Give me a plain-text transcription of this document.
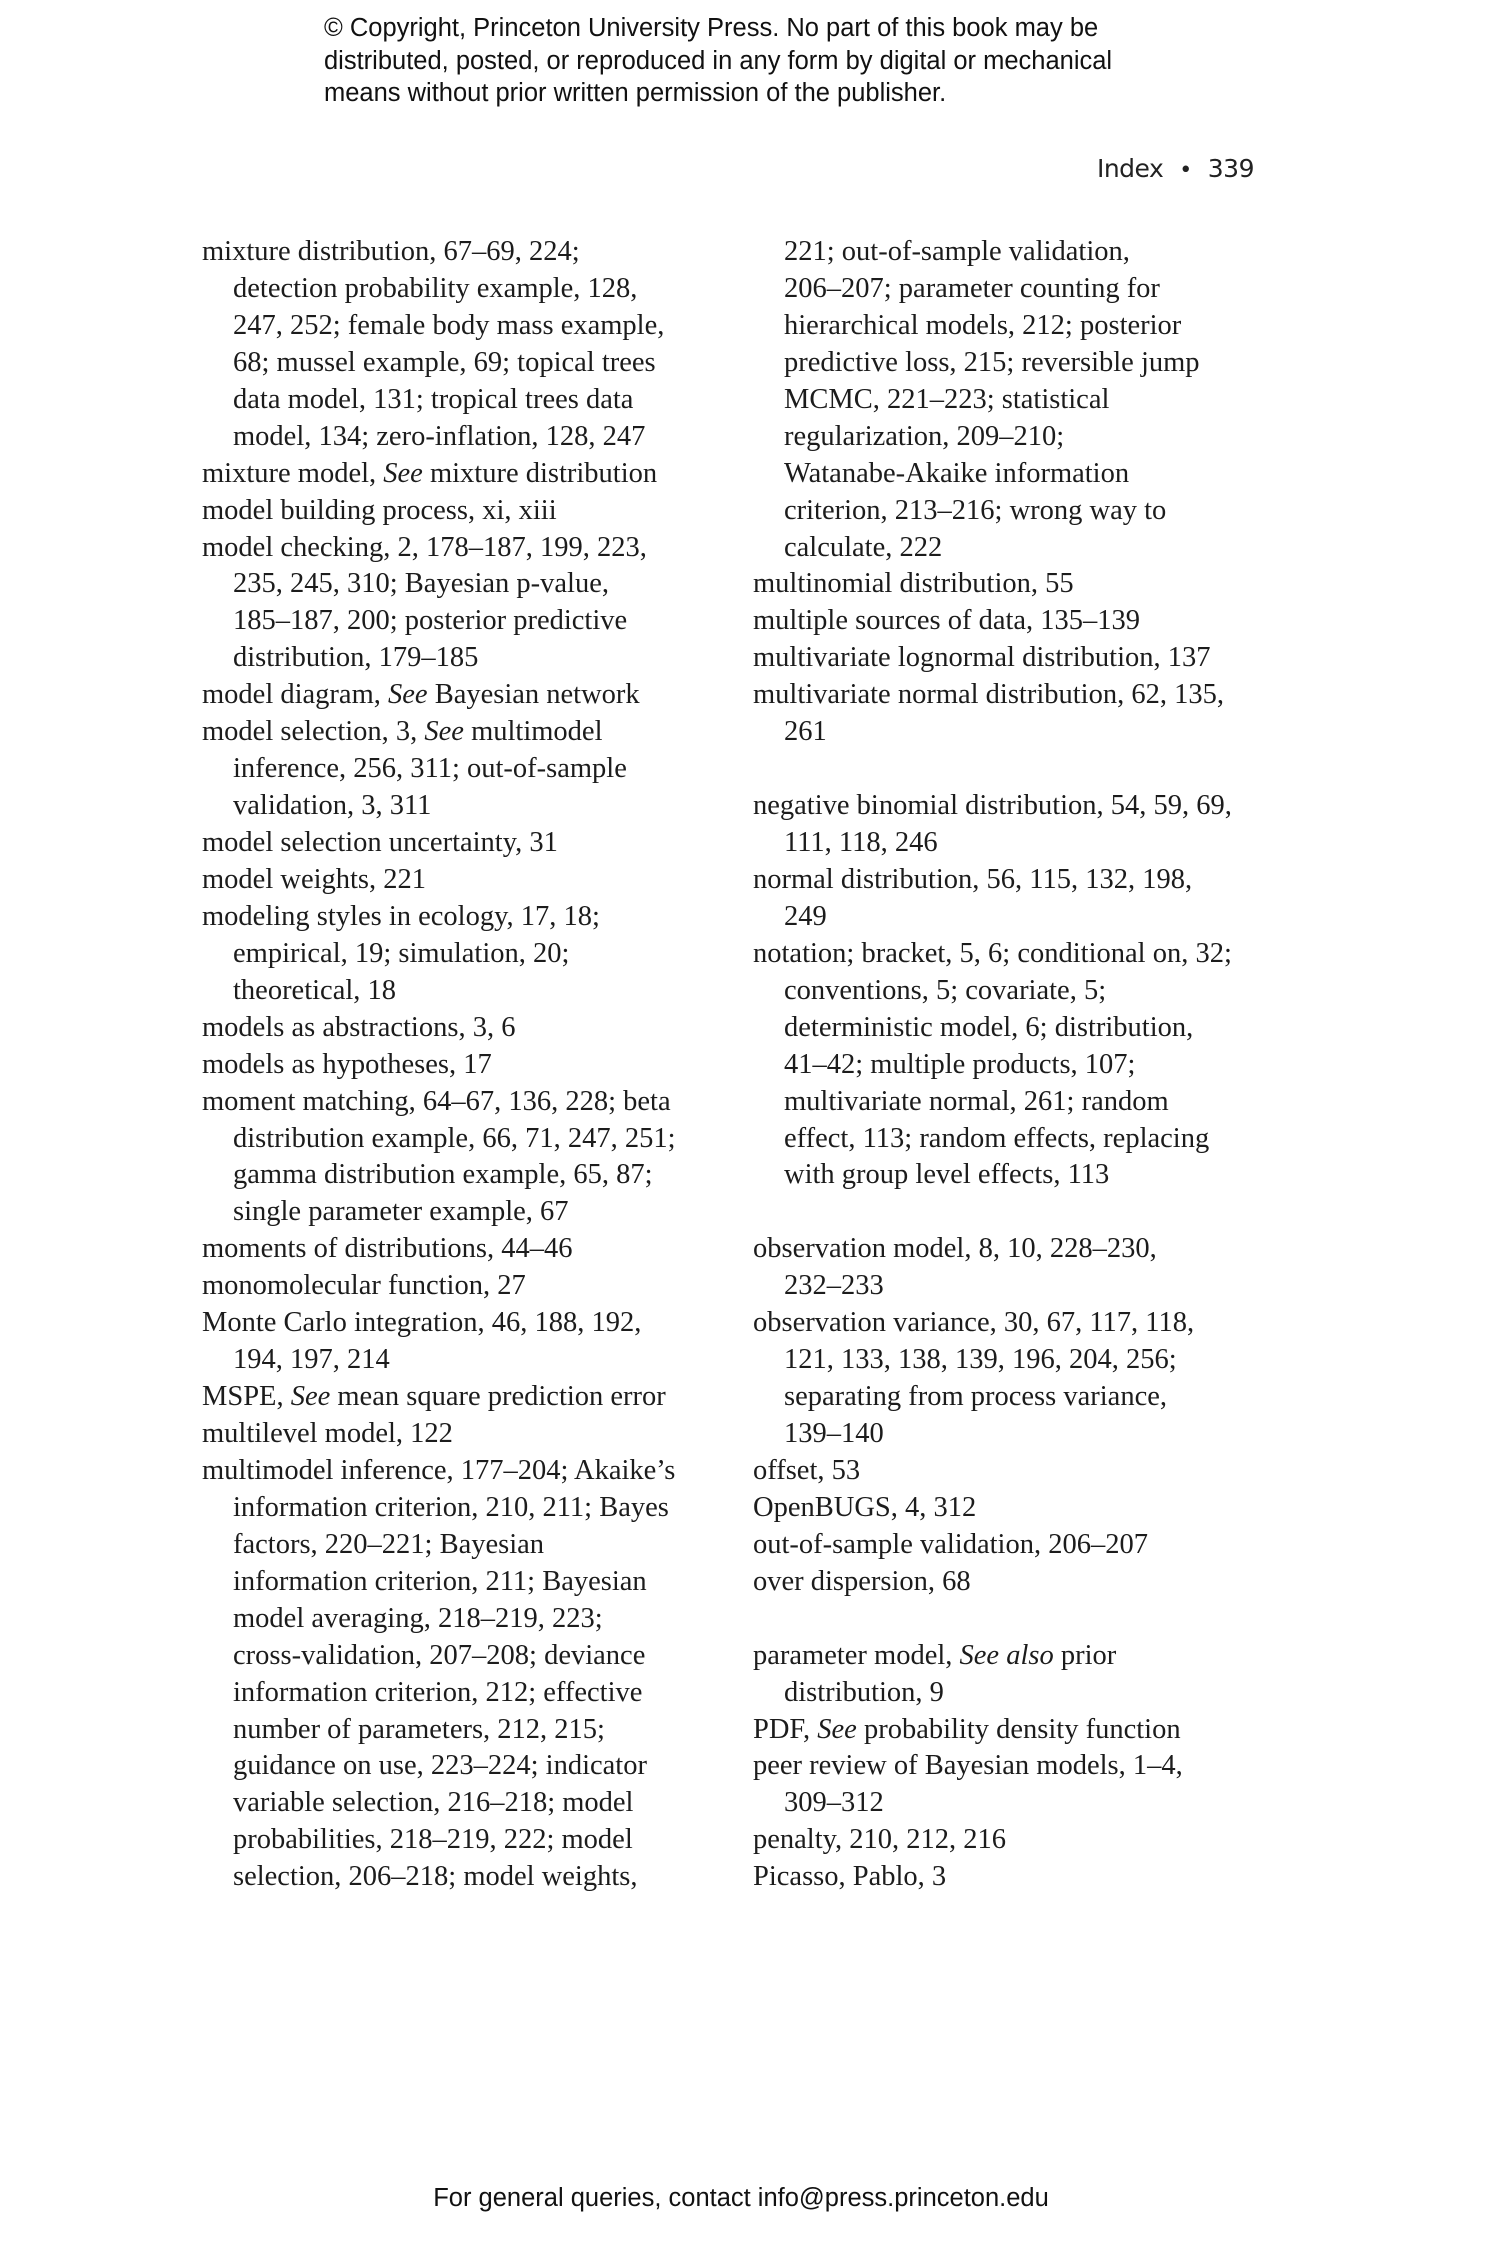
© Copyright, Princeton University Press. No part of this book may be
distributed, posted, or reproduced in any form by digital or mechanical
means without prior written permission of the publisher.
Index • 339
mixture distribution, 67–69, 224;
detection probability example, 128,
247, 252; female body mass example,
68; mussel example, 69; topical trees
data model, 131; tropical trees data
model, 134; zero-inflation, 128, 247
mixture model, See mixture distribution
model building process, xi, xiii
model checking, 2, 178–187, 199, 223,
235, 245, 310; Bayesian p-value,
185–187, 200; posterior predictive
distribution, 179–185
model diagram, See Bayesian network
model selection, 3, See multimodel
inference, 256, 311; out-of-sample
validation, 3, 311
model selection uncertainty, 31
model weights, 221
modeling styles in ecology, 17, 18;
empirical, 19; simulation, 20;
theoretical, 18
models as abstractions, 3, 6
models as hypotheses, 17
moment matching, 64–67, 136, 228; beta
distribution example, 66, 71, 247, 251;
gamma distribution example, 65, 87;
single parameter example, 67
moments of distributions, 44–46
monomolecular function, 27
Monte Carlo integration, 46, 188, 192,
194, 197, 214
MSPE, See mean square prediction error
multilevel model, 122
multimodel inference, 177–204; Akaike’s
information criterion, 210, 211; Bayes
factors, 220–221; Bayesian
information criterion, 211; Bayesian
model averaging, 218–219, 223;
cross-validation, 207–208; deviance
information criterion, 212; effective
number of parameters, 212, 215;
guidance on use, 223–224; indicator
variable selection, 216–218; model
probabilities, 218–219, 222; model
selection, 206–218; model weights,
221; out-of-sample validation,
206–207; parameter counting for
hierarchical models, 212; posterior
predictive loss, 215; reversible jump
MCMC, 221–223; statistical
regularization, 209–210;
Watanabe-Akaike information
criterion, 213–216; wrong way to
calculate, 222
multinomial distribution, 55
multiple sources of data, 135–139
multivariate lognormal distribution, 137
multivariate normal distribution, 62, 135,
261
negative binomial distribution, 54, 59, 69,
111, 118, 246
normal distribution, 56, 115, 132, 198,
249
notation; bracket, 5, 6; conditional on, 32;
conventions, 5; covariate, 5;
deterministic model, 6; distribution,
41–42; multiple products, 107;
multivariate normal, 261; random
effect, 113; random effects, replacing
with group level effects, 113
observation model, 8, 10, 228–230,
232–233
observation variance, 30, 67, 117, 118,
121, 133, 138, 139, 196, 204, 256;
separating from process variance,
139–140
offset, 53
OpenBUGS, 4, 312
out-of-sample validation, 206–207
over dispersion, 68
parameter model, See also prior
distribution, 9
PDF, See probability density function
peer review of Bayesian models, 1–4,
309–312
penalty, 210, 212, 216
Picasso, Pablo, 3
For general queries, contact info@press.princeton.edu
